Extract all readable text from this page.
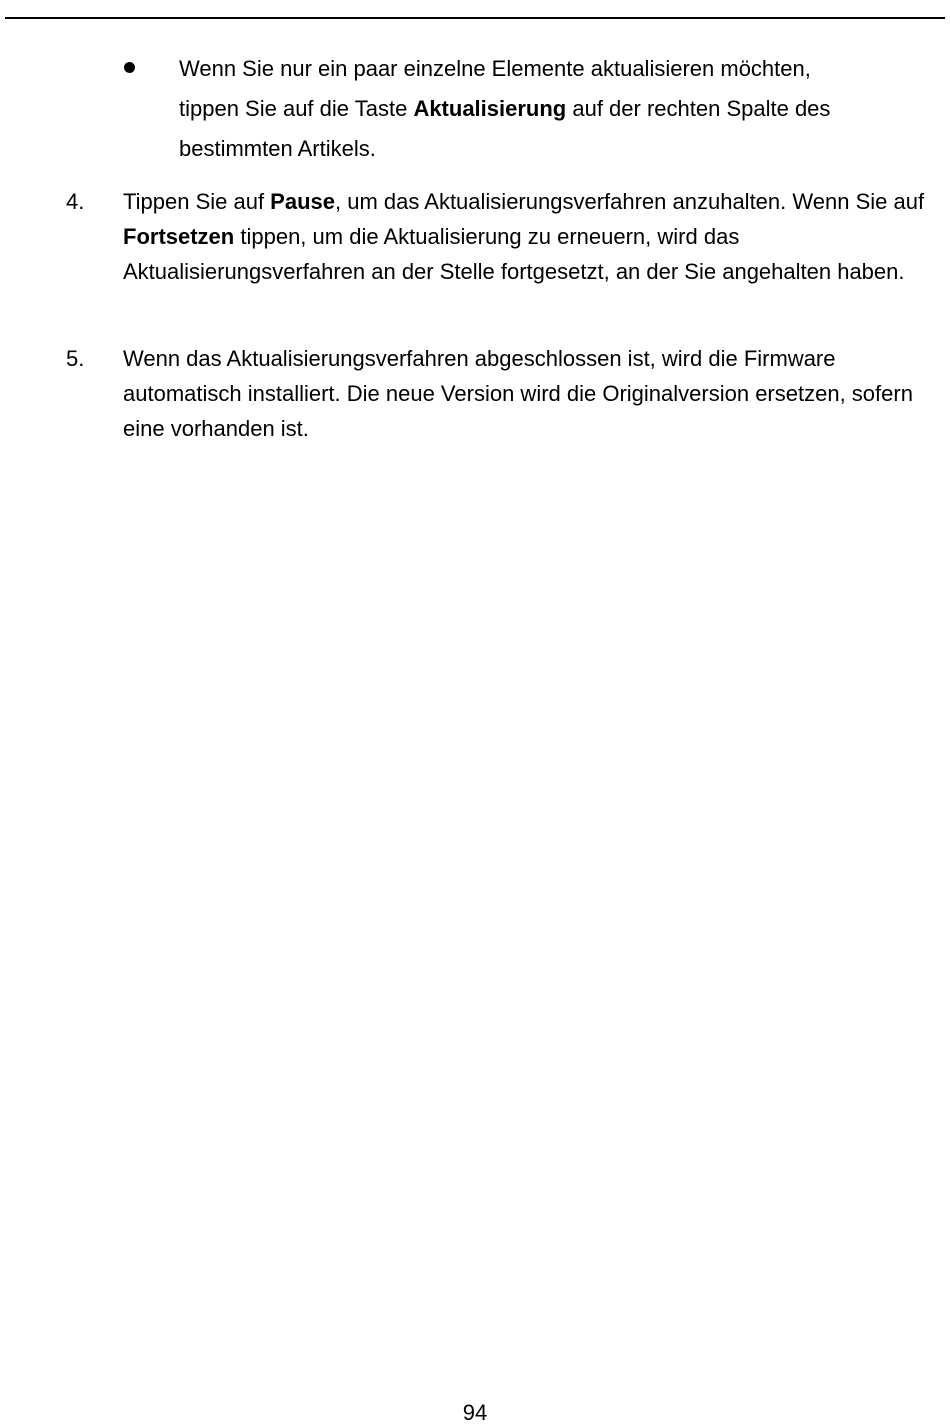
Wenn Sie nur ein paar einzelne Elemente aktualisieren möchten,
tippen Sie auf die Taste Aktualisierung auf der rechten Spalte des
bestimmten Artikels.
4. Tippen Sie auf Pause, um das Aktualisierungsverfahren anzuhalten. Wenn Sie auf Fortsetzen tippen, um die Aktualisierung zu erneuern, wird das Aktualisierungsverfahren an der Stelle fortgesetzt, an der Sie angehalten haben.
5. Wenn das Aktualisierungsverfahren abgeschlossen ist, wird die Firmware automatisch installiert. Die neue Version wird die Originalversion ersetzen, sofern eine vorhanden ist.
94
